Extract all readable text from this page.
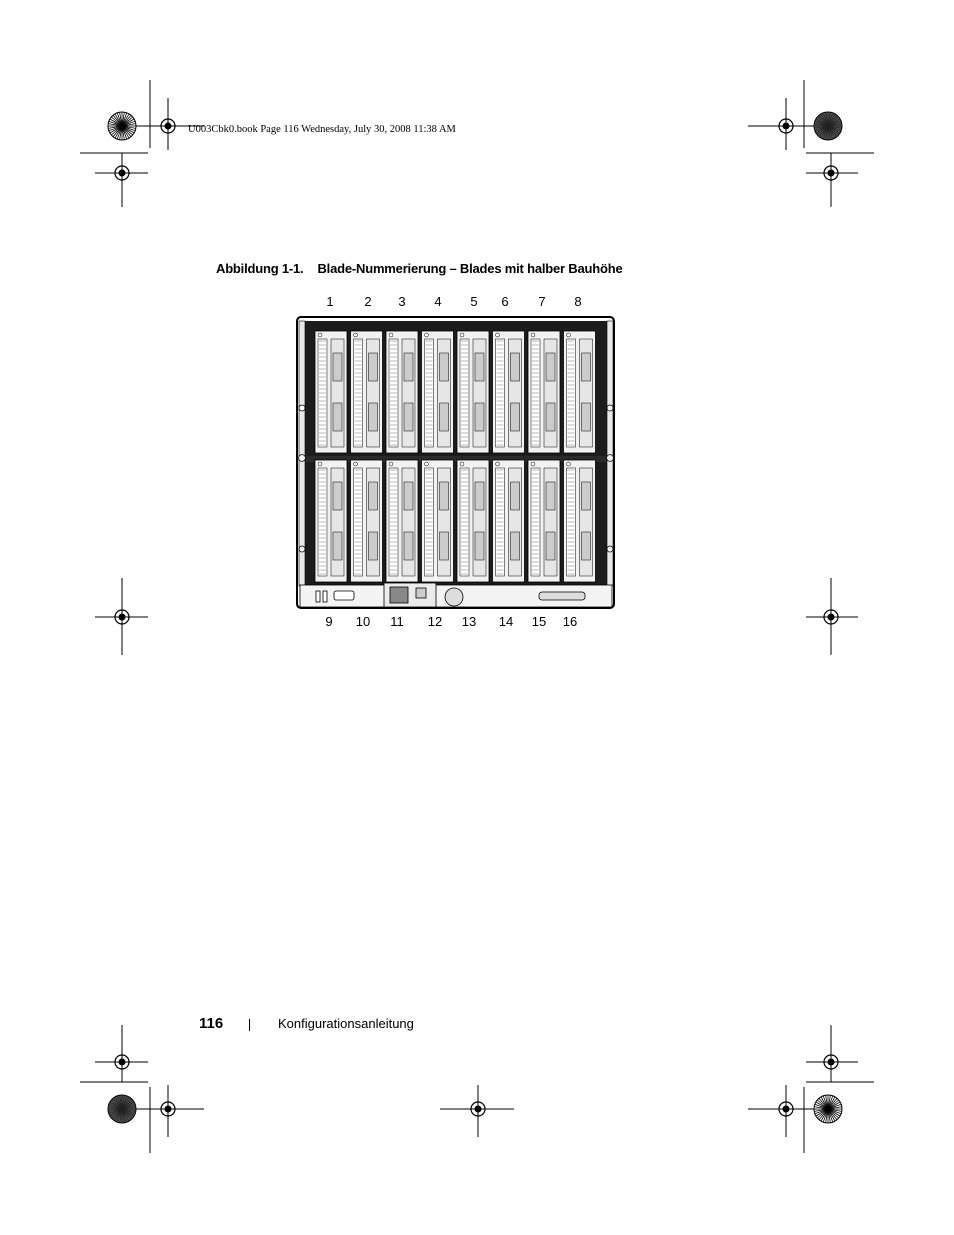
U003Cbk0.book Page 116 Wednesday, July 30, 2008 11:38 AM
Abbildung 1-1. Blade-Nummerierung – Blades mit halber Bauhöhe
1	2	3	4	5	6	7	8
9	10	11	12	13	14	15	16
116	Konfigurationsanleitung
